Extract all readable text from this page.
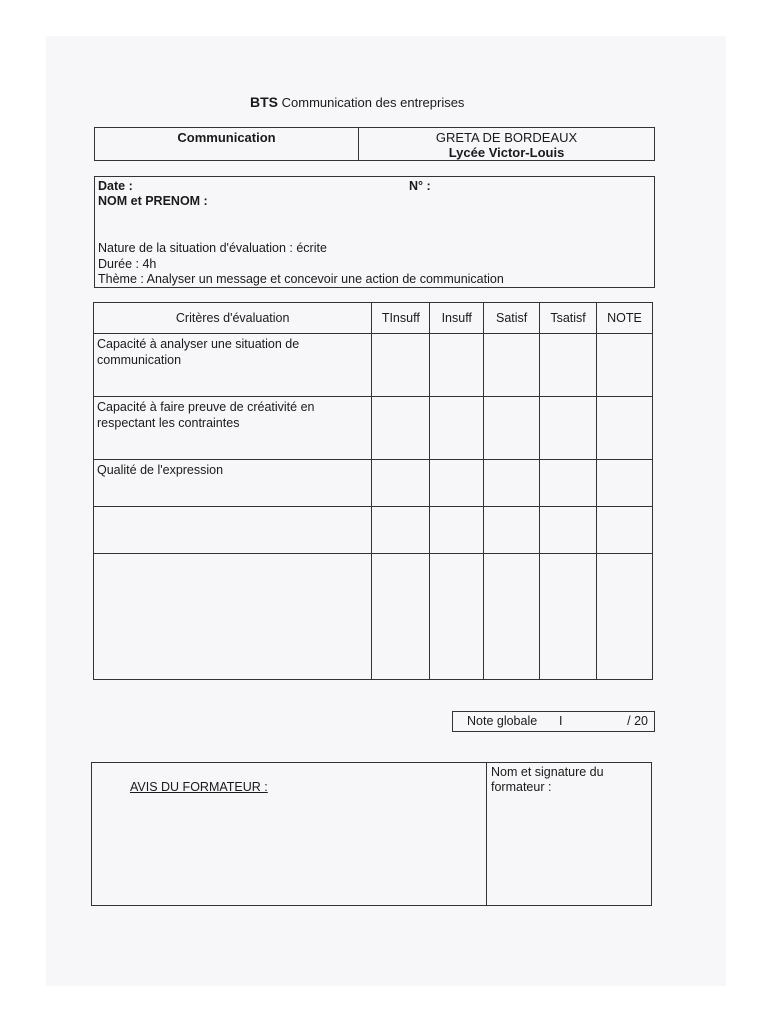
BTS Communication des entreprises
Communication	GRETA DE BORDEAUX
Lycée Victor-Louis
Date :	N° :
NOM et PRENOM :
Nature de la situation d'évaluation : écrite
Durée : 4h
Thème : Analyser un message et concevoir une action de communication
Critères d'évaluation	TInsuff	Insuff	Satisf	Tsatisf	NOTE
Capacité à analyser une situation de communication					
Capacité à faire preuve de créativité en respectant les contraintes					
Qualité de l'expression					

Note globale I	/ 20
AVIS DU FORMATEUR :
Nom et signature du formateur :
